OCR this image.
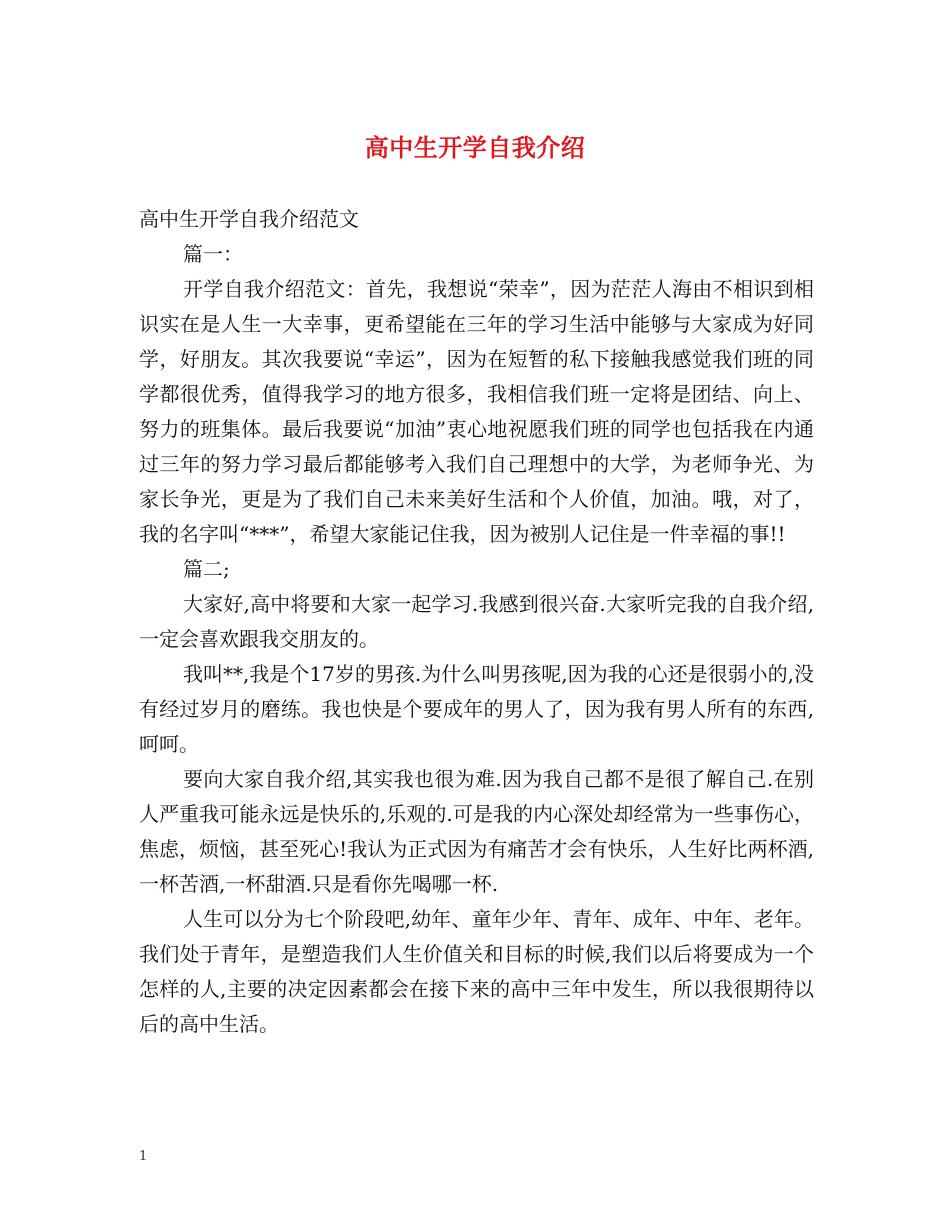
高中生开学自我介绍

高中生开学自我介绍范文

篇一：

开学自我介绍范文：首先，我想说“荣幸”，因为茫茫人海由不相识到相识实在是人生一大幸事，更希望能在三年的学习生活中能够与大家成为好同学，好朋友。其次我要说“幸运”，因为在短暂的私下接触我感觉我们班的同学都很优秀，值得我学习的地方很多，我相信我们班一定将是团结、向上、努力的班集体。最后我要说“加油”衷心地祝愿我们班的同学也包括我在内通过三年的努力学习最后都能够考入我们自己理想中的大学，为老师争光、为家长争光，更是为了我们自己未来美好生活和个人价值，加油。哦，对了，我的名字叫“***”，希望大家能记住我，因为被别人记住是一件幸福的事!!

篇二;

大家好,高中将要和大家一起学习.我感到很兴奋.大家听完我的自我介绍,一定会喜欢跟我交朋友的。

我叫**,我是个17岁的男孩.为什么叫男孩呢,因为我的心还是很弱小的,没有经过岁月的磨练。我也快是个要成年的男人了，因为我有男人所有的东西,呵呵。

要向大家自我介绍,其实我也很为难.因为我自己都不是很了解自己.在别人严重我可能永远是快乐的,乐观的.可是我的内心深处却经常为一些事伤心，焦虑，烦恼，甚至死心!我认为正式因为有痛苦才会有快乐，人生好比两杯酒,一杯苦酒,一杯甜酒.只是看你先喝哪一杯.

人生可以分为七个阶段吧,幼年、童年少年、青年、成年、中年、老年。我们处于青年，是塑造我们人生价值关和目标的时候,我们以后将要成为一个怎样的人,主要的决定因素都会在接下来的高中三年中发生，所以我很期待以后的高中生活。

1
